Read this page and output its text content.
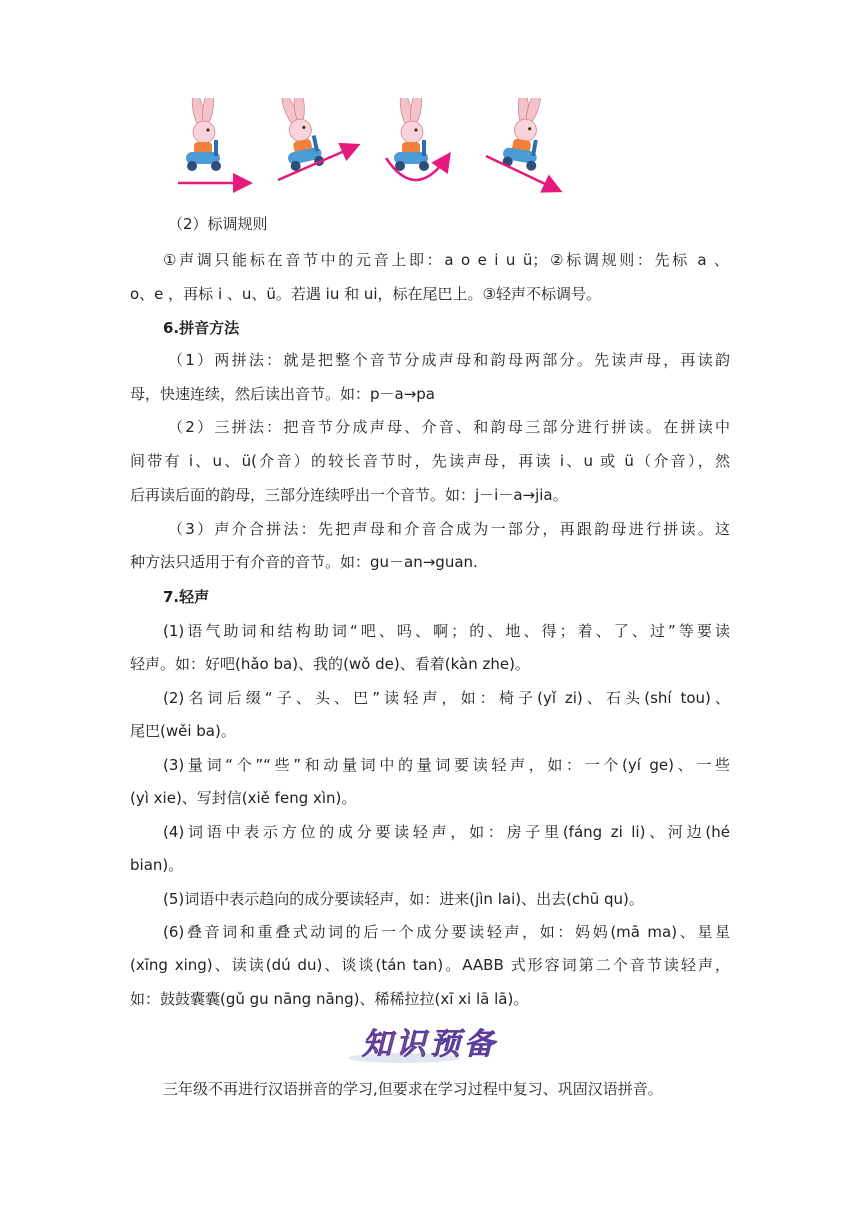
（2）标调规则
①声调只能标在音节中的元音上即：a o e i u ü；②标调规则：先标 a 、
o、e ，再标 i 、u、ü。若遇 iu 和 ui，标在尾巴上。③轻声不标调号。
6.拼音方法
（1）两拼法：就是把整个音节分成声母和韵母两部分。先读声母，再读韵
母，快速连续，然后读出音节。如：p－a→pa
（2）三拼法：把音节分成声母、介音、和韵母三部分进行拼读。在拼读中
间带有 i、u、ü(介音）的较长音节时，先读声母，再读 i、u 或 ü（介音），然
后再读后面的韵母，三部分连续呼出一个音节。如：j－i－a→jia。
（3）声介合拼法：先把声母和介音合成为一部分，再跟韵母进行拼读。这
种方法只适用于有介音的音节。如：gu－an→guan.
7.轻声
(1)语气助词和结构助词“吧、吗、啊；的、地、得；着、了、过”等要读
轻声。如：好吧(hǎo ba)、我的(wǒ de)、看着(kàn zhe)。
(2)名词后缀“子、头、巴”读轻声，如：椅子(yǐ zi)、石头(shí tou)、
尾巴(wěi ba)。
(3)量词“个”“些”和动量词中的量词要读轻声，如：一个(yí ge)、一些
(yì xie)、写封信(xiě feng xìn)。
(4)词语中表示方位的成分要读轻声，如：房子里(fáng zi li)、河边(hé
bian)。
(5)词语中表示趋向的成分要读轻声，如：进来(jìn lai)、出去(chū qu)。
(6)叠音词和重叠式动词的后一个成分要读轻声，如：妈妈(mā ma)、星星
(xīng xing)、读读(dú du)、谈谈(tán tan)。AABB 式形容词第二个音节读轻声，
如：鼓鼓囊囊(gǔ gu nāng nāng)、稀稀拉拉(xī xi lā lā)。
知识预备
三年级不再进行汉语拼音的学习,但要求在学习过程中复习、巩固汉语拼音。
